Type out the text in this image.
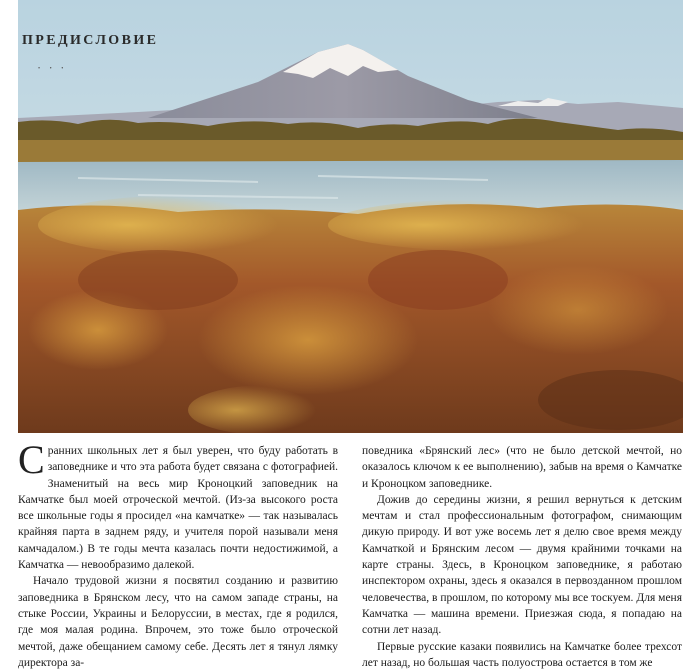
ПРЕДИСЛОВИЕ
• • •

Сранних школьных лет я был уверен, что буду работать в заповеднике и что эта работа будет связана с фотографией. Знаменитый на весь мир Кроноцкий заповедник на Камчатке был моей отроческой мечтой. (Из-за высокого роста все школьные годы я просидел «на камчатке» — так называлась крайняя парта в заднем ряду, и учителя порой называли меня камчадалом.) В те годы мечта казалась почти недостижимой, а Камчатка — невообразимо далекой.

Начало трудовой жизни я посвятил созданию и развитию заповедника в Брянском лесу, что на самом западе страны, на стыке России, Украины и Белоруссии, в местах, где я родился, где моя малая родина. Впрочем, это тоже было отроческой мечтой, даже обещанием самому себе. Десять лет я тянул лямку директора за-

поведника «Брянский лес» (что не было детской мечтой, но оказалось ключом к ее выполнению), забыв на время о Камчатке и Кроноцком заповеднике.

Дожив до середины жизни, я решил вернуться к детским мечтам и стал профессиональным фотографом, снимающим дикую природу. И вот уже восемь лет я делю свое время между Камчаткой и Брянским лесом — двумя крайними точками на карте страны. Здесь, в Кроноцком заповеднике, я работаю инспектором охраны, здесь я оказался в первозданном прошлом человечества, в прошлом, по которому мы все тоскуем. Для меня Камчатка — машина времени. Приезжая сюда, я попадаю на сотни лет назад.

Первые русские казаки появились на Камчатке более трехсот лет назад, но большая часть полуострова остается в том же
